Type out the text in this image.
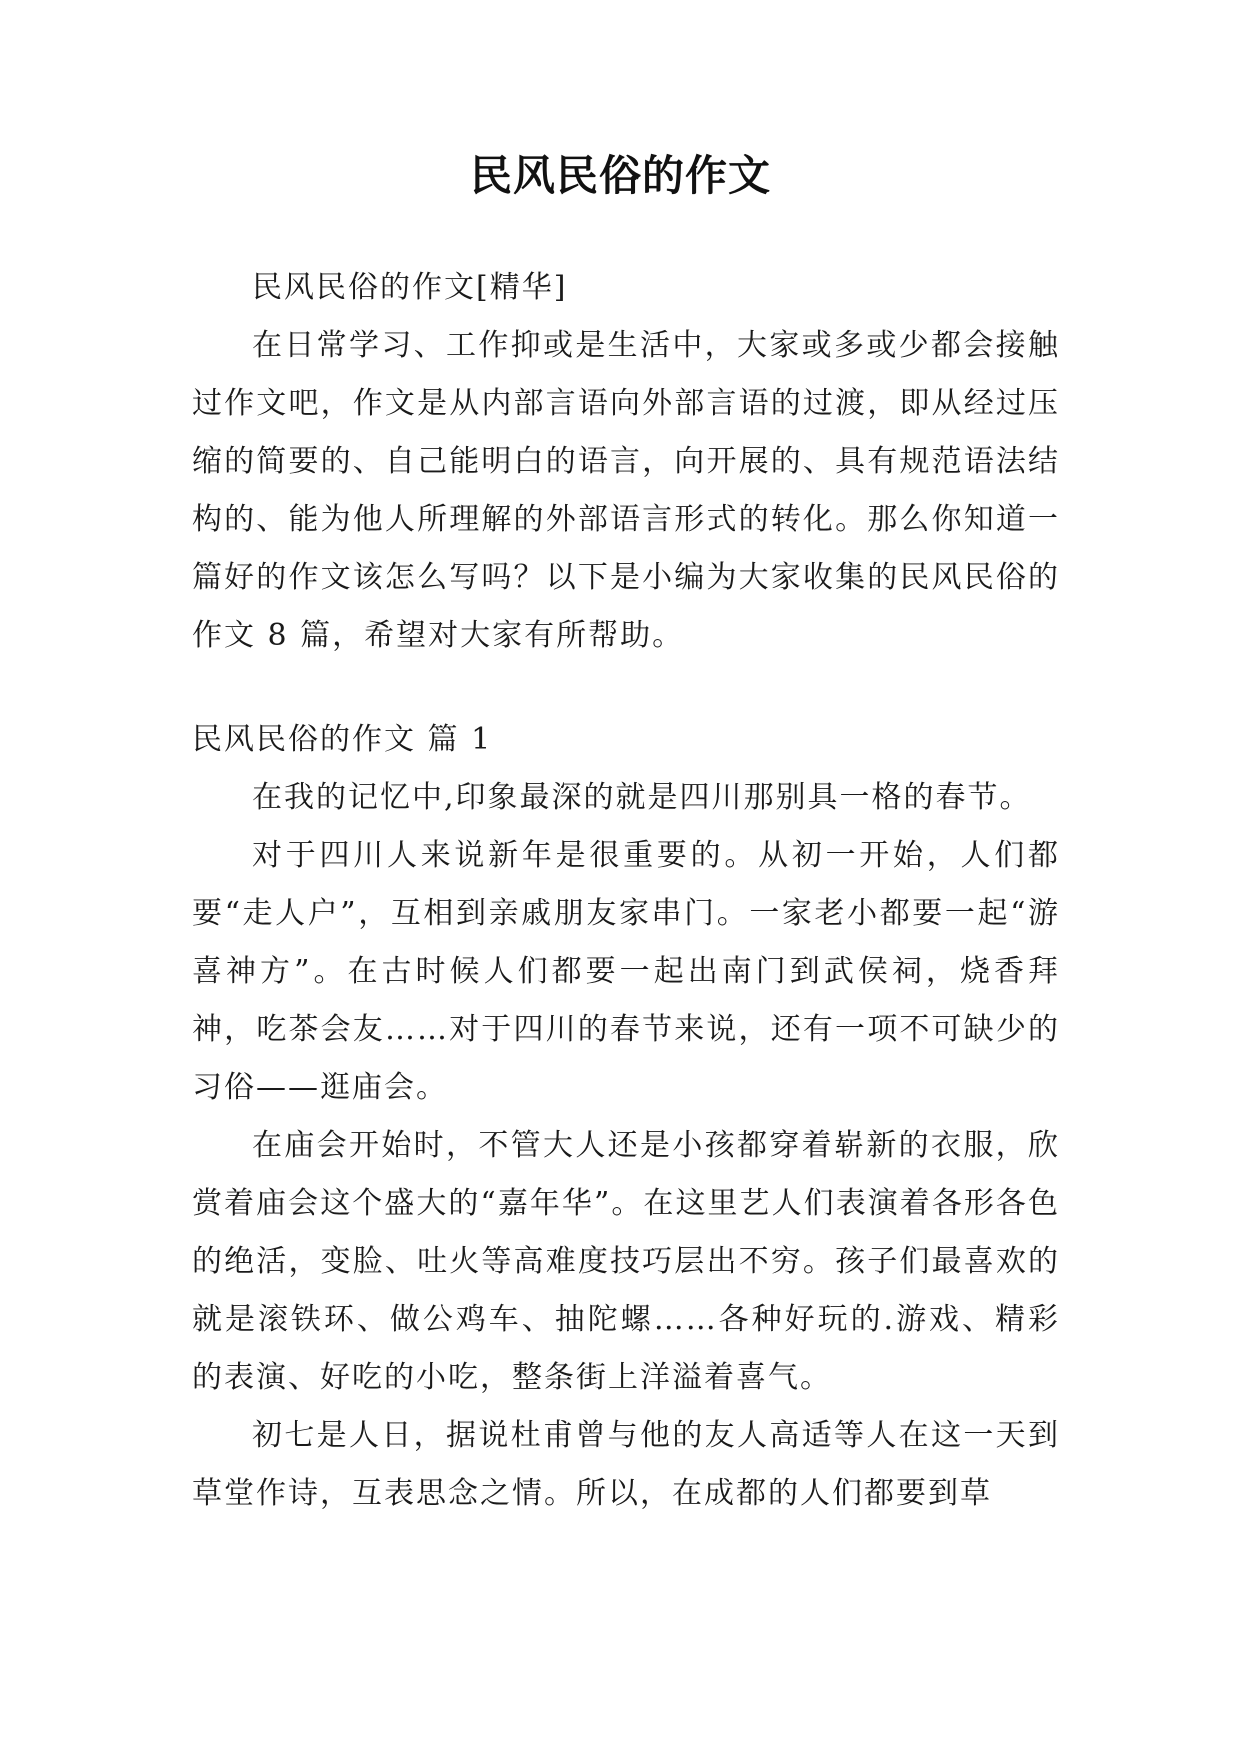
民风民俗的作文

民风民俗的作文[精华]

在日常学习、工作抑或是生活中，大家或多或少都会接触过作文吧，作文是从内部言语向外部言语的过渡，即从经过压缩的简要的、自己能明白的语言，向开展的、具有规范语法结构的、能为他人所理解的外部语言形式的转化。那么你知道一篇好的作文该怎么写吗？以下是小编为大家收集的民风民俗的作文 8 篇，希望对大家有所帮助。

民风民俗的作文 篇 1

在我的记忆中,印象最深的就是四川那别具一格的春节。

对于四川人来说新年是很重要的。从初一开始，人们都要“走人户”，互相到亲戚朋友家串门。一家老小都要一起“游喜神方”。在古时候人们都要一起出南门到武侯祠，烧香拜神，吃茶会友……对于四川的春节来说，还有一项不可缺少的习俗——逛庙会。

在庙会开始时，不管大人还是小孩都穿着崭新的衣服，欣赏着庙会这个盛大的“嘉年华”。在这里艺人们表演着各形各色的绝活，变脸、吐火等高难度技巧层出不穷。孩子们最喜欢的就是滚铁环、做公鸡车、抽陀螺……各种好玩的.游戏、精彩的表演、好吃的小吃，整条街上洋溢着喜气。

初七是人日，据说杜甫曾与他的友人高适等人在这一天到草堂作诗，互表思念之情。所以，在成都的人们都要到草
